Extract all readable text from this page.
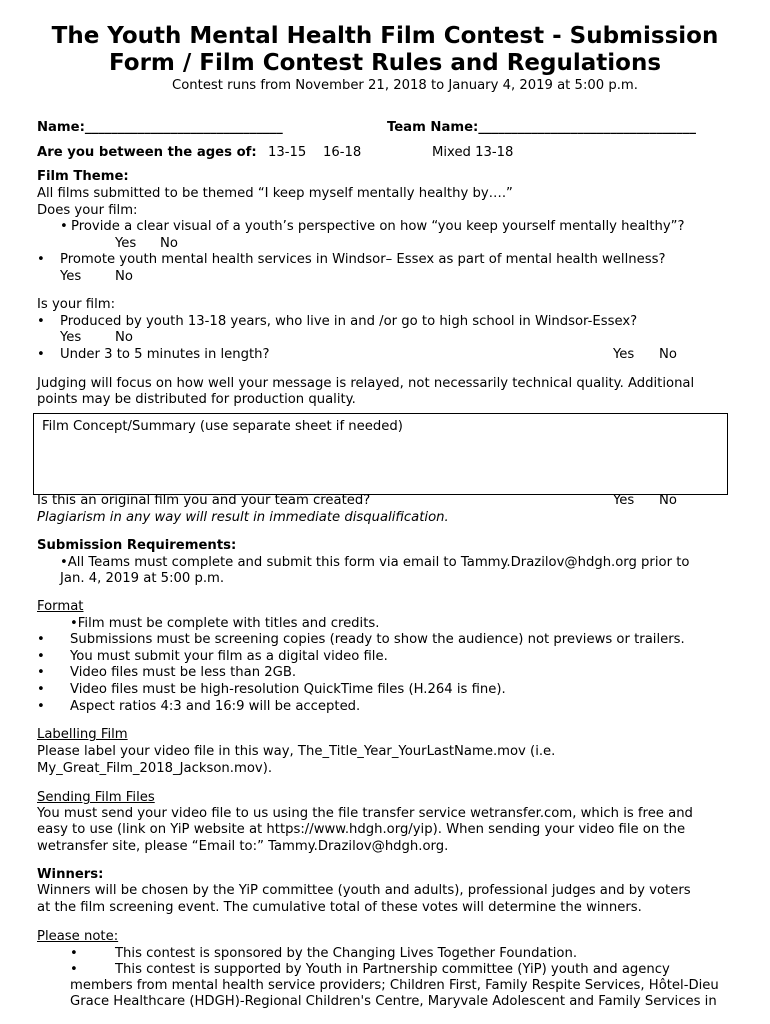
The Youth Mental Health Film Contest - Submission
Form / Film Contest Rules and Regulations
Contest runs from November 21, 2018 to January 4, 2019 at 5:00 p.m.
Name:______________________________	Team Name:_________________________________
Are you between the ages of: 13-15 16-18	Mixed 13-18
Film Theme:
All films submitted to be themed “I keep myself mentally healthy by….”
Does your film:
• Provide a clear visual of a youth’s perspective on how “you keep yourself mentally healthy”?
Yes No
• Promote youth mental health services in Windsor– Essex as part of mental health wellness?
Yes	No
Is your film:
• Produced by youth 13-18 years, who live in and /or go to high school in Windsor-Essex?
Yes	No
• Under 3 to 5 minutes in length?	Yes No
Judging will focus on how well your message is relayed, not necessarily technical quality. Additional
points may be distributed for production quality.
Film Concept/Summary (use separate sheet if needed)
Is this an original film you and your team created?	Yes No
Plagiarism in any way will result in immediate disqualification.
Submission Requirements:
•All Teams must complete and submit this form via email to Tammy.Drazilov@hdgh.org prior to
Jan. 4, 2019 at 5:00 p.m.
Format
•Film must be complete with titles and credits.
• Submissions must be screening copies (ready to show the audience) not previews or trailers.
• You must submit your film as a digital video file.
• Video files must be less than 2GB.
• Video files must be high-resolution QuickTime files (H.264 is fine).
• Aspect ratios 4:3 and 16:9 will be accepted.
Labelling Film
Please label your video file in this way, The_Title_Year_YourLastName.mov (i.e.
My_Great_Film_2018_Jackson.mov).
Sending Film Files
You must send your video file to us using the file transfer service wetransfer.com, which is free and
easy to use (link on YiP website at https://www.hdgh.org/yip). When sending your video file on the
wetransfer site, please “Email to:” Tammy.Drazilov@hdgh.org.
Winners:
Winners will be chosen by the YiP committee (youth and adults), professional judges and by voters
at the film screening event. The cumulative total of these votes will determine the winners.
Please note:
•	This contest is sponsored by the Changing Lives Together Foundation.
•	This contest is supported by Youth in Partnership committee (YiP) youth and agency
members from mental health service providers; Children First, Family Respite Services, Hôtel-Dieu
Grace Healthcare (HDGH)-Regional Children's Centre, Maryvale Adolescent and Family Services in
